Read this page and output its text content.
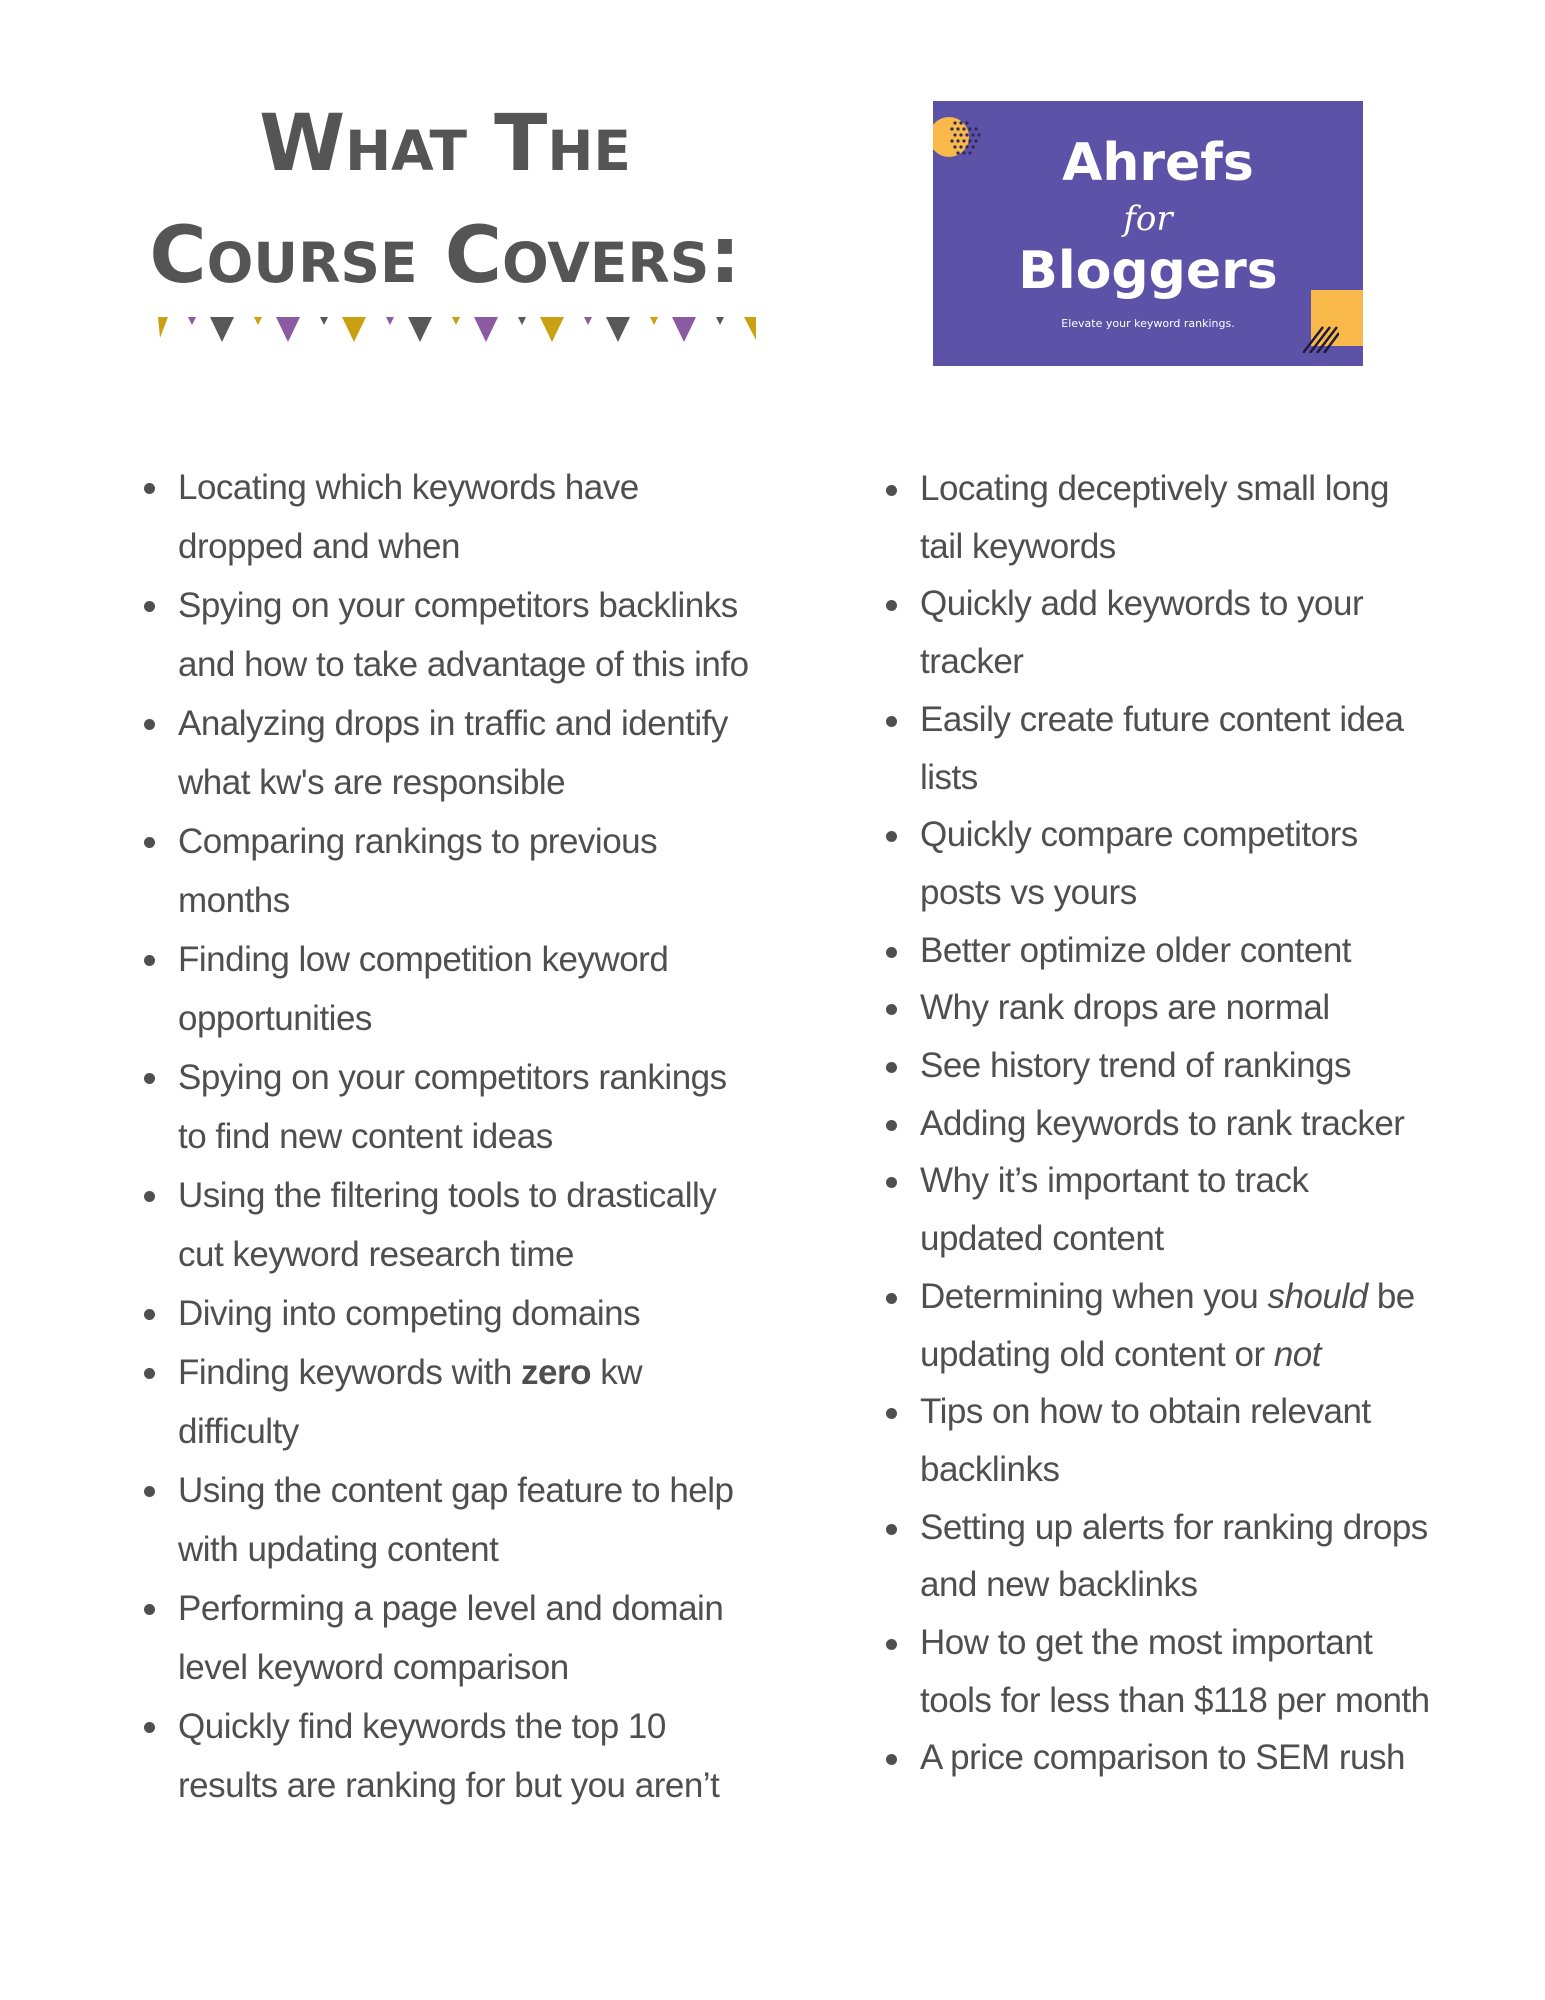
What The
Course Covers:
Ahrefs
for
Bloggers
Elevate your keyword rankings.
Locating which keywords have
dropped and when
Spying on your competitors backlinks
and how to take advantage of this info
Analyzing drops in traffic and identify
what kw's are responsible
Comparing rankings to previous
months
Finding low competition keyword
opportunities
Spying on your competitors rankings
to find new content ideas
Using the filtering tools to drastically
cut keyword research time
Diving into competing domains
Finding keywords with zero kw
difficulty
Using the content gap feature to help
with updating content
Performing a page level and domain
level keyword comparison
Quickly find keywords the top 10
results are ranking for but you aren’t
Locating deceptively small long
tail keywords
Quickly add keywords to your
tracker
Easily create future content idea
lists
Quickly compare competitors
posts vs yours
Better optimize older content
Why rank drops are normal
See history trend of rankings
Adding keywords to rank tracker
Why it’s important to track
updated content
Determining when you should be
updating old content or not
Tips on how to obtain relevant
backlinks
Setting up alerts for ranking drops
and new backlinks
How to get the most important
tools for less than $118 per month
A price comparison to SEM rush
